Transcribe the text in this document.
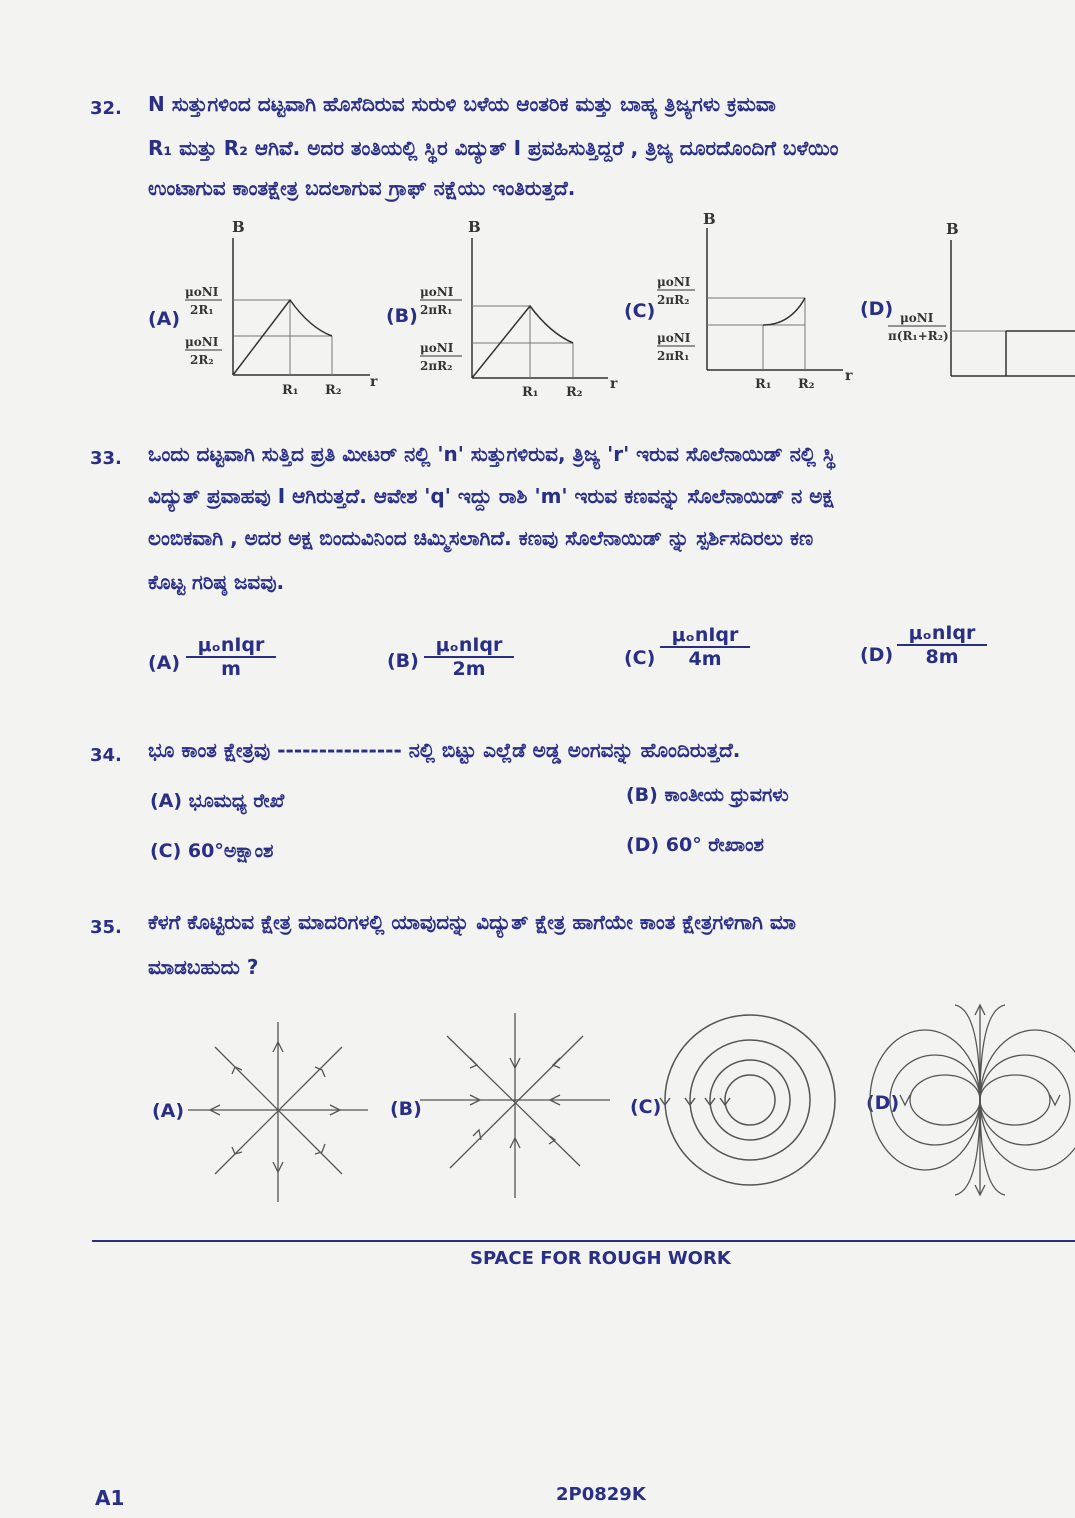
32. N ಸುತ್ತುಗಳಿಂದ ದಟ್ಟವಾಗಿ ಹೊಸೆದಿರುವ ಸುರುಳಿ ಬಳೆಯ ಆಂತರಿಕ ಮತ್ತು ಬಾಹ್ಯ ತ್ರಿಜ್ಯಗಳು ಕ್ರಮವಾ
R₁ ಮತ್ತು R₂ ಆಗಿವೆ. ಅದರ ತಂತಿಯಲ್ಲಿ ಸ್ಥಿರ ವಿದ್ಯುತ್ I ಪ್ರವಹಿಸುತ್ತಿದ್ದರೆ , ತ್ರಿಜ್ಯ ದೂರದೊಂದಿಗೆ ಬಳೆಯಿಂ
ಉಂಟಾಗುವ ಕಾಂತಕ್ಷೇತ್ರ ಬದಲಾಗುವ ಗ್ರಾಫ್ ನಕ್ಷೆಯು ಇಂತಿರುತ್ತದೆ.
(A)
B
μoNI
2R₁
μoNI
2R₂
R₁ R₂
r
(B)
B
μoNI
2πR₁
μoNI
2πR₂
R₁ R₂
r
(C)
B
μoNI
2πR₂
μoNI
2πR₁
R₁ R₂
r
(D)
B
μoNI
π(R₁+R₂)
33. ಒಂದು ದಟ್ಟವಾಗಿ ಸುತ್ತಿದ ಪ್ರತಿ ಮೀಟರ್ ನಲ್ಲಿ 'n' ಸುತ್ತುಗಳಿರುವ, ತ್ರಿಜ್ಯ 'r' ಇರುವ ಸೊಲೆನಾಯಿಡ್ ನಲ್ಲಿ ಸ್ಥಿ
ವಿದ್ಯುತ್ ಪ್ರವಾಹವು I ಆಗಿರುತ್ತದೆ. ಆವೇಶ 'q' ಇದ್ದು ರಾಶಿ 'm' ಇರುವ ಕಣವನ್ನು ಸೊಲೆನಾಯಿಡ್ ನ ಅಕ್ಷ
ಲಂಬಿಕವಾಗಿ , ಅದರ ಅಕ್ಷ ಬಿಂದುವಿನಿಂದ ಚಿಮ್ಮಿಸಲಾಗಿದೆ. ಕಣವು ಸೊಲೆನಾಯಿಡ್ ನ್ನು ಸ್ಪರ್ಶಿಸದಿರಲು ಕಣ
ಕೊಟ್ಟ ಗರಿಷ್ಠ ಜವವು.
(A)
μₒnIqr
m	(B)
μₒnIqr
2m	(C)
μₒnIqr
4m	(D)
μₒnIqr
8m
34. ಭೂ ಕಾಂತ ಕ್ಷೇತ್ರವು --------------- ನಲ್ಲಿ ಬಿಟ್ಟು ಎಲ್ಲೆಡೆ ಅಡ್ಡ ಅಂಗವನ್ನು ಹೊಂದಿರುತ್ತದೆ.
(A) ಭೂಮಧ್ಯ ರೇಖೆ	(B) ಕಾಂತೀಯ ಧ್ರುವಗಳು
(C) 60°ಅಕ್ಷಾಂಶ	(D) 60° ರೇಖಾಂಶ
35. ಕೆಳಗೆ ಕೊಟ್ಟಿರುವ ಕ್ಷೇತ್ರ ಮಾದರಿಗಳಲ್ಲಿ ಯಾವುದನ್ನು ವಿದ್ಯುತ್ ಕ್ಷೇತ್ರ ಹಾಗೆಯೇ ಕಾಂತ ಕ್ಷೇತ್ರಗಳಿಗಾಗಿ ಮಾ
ಮಾಡಬಹುದು ?
(A)	(B)	(C)	(D)
SPACE FOR ROUGH WORK
A1	2P0829K
